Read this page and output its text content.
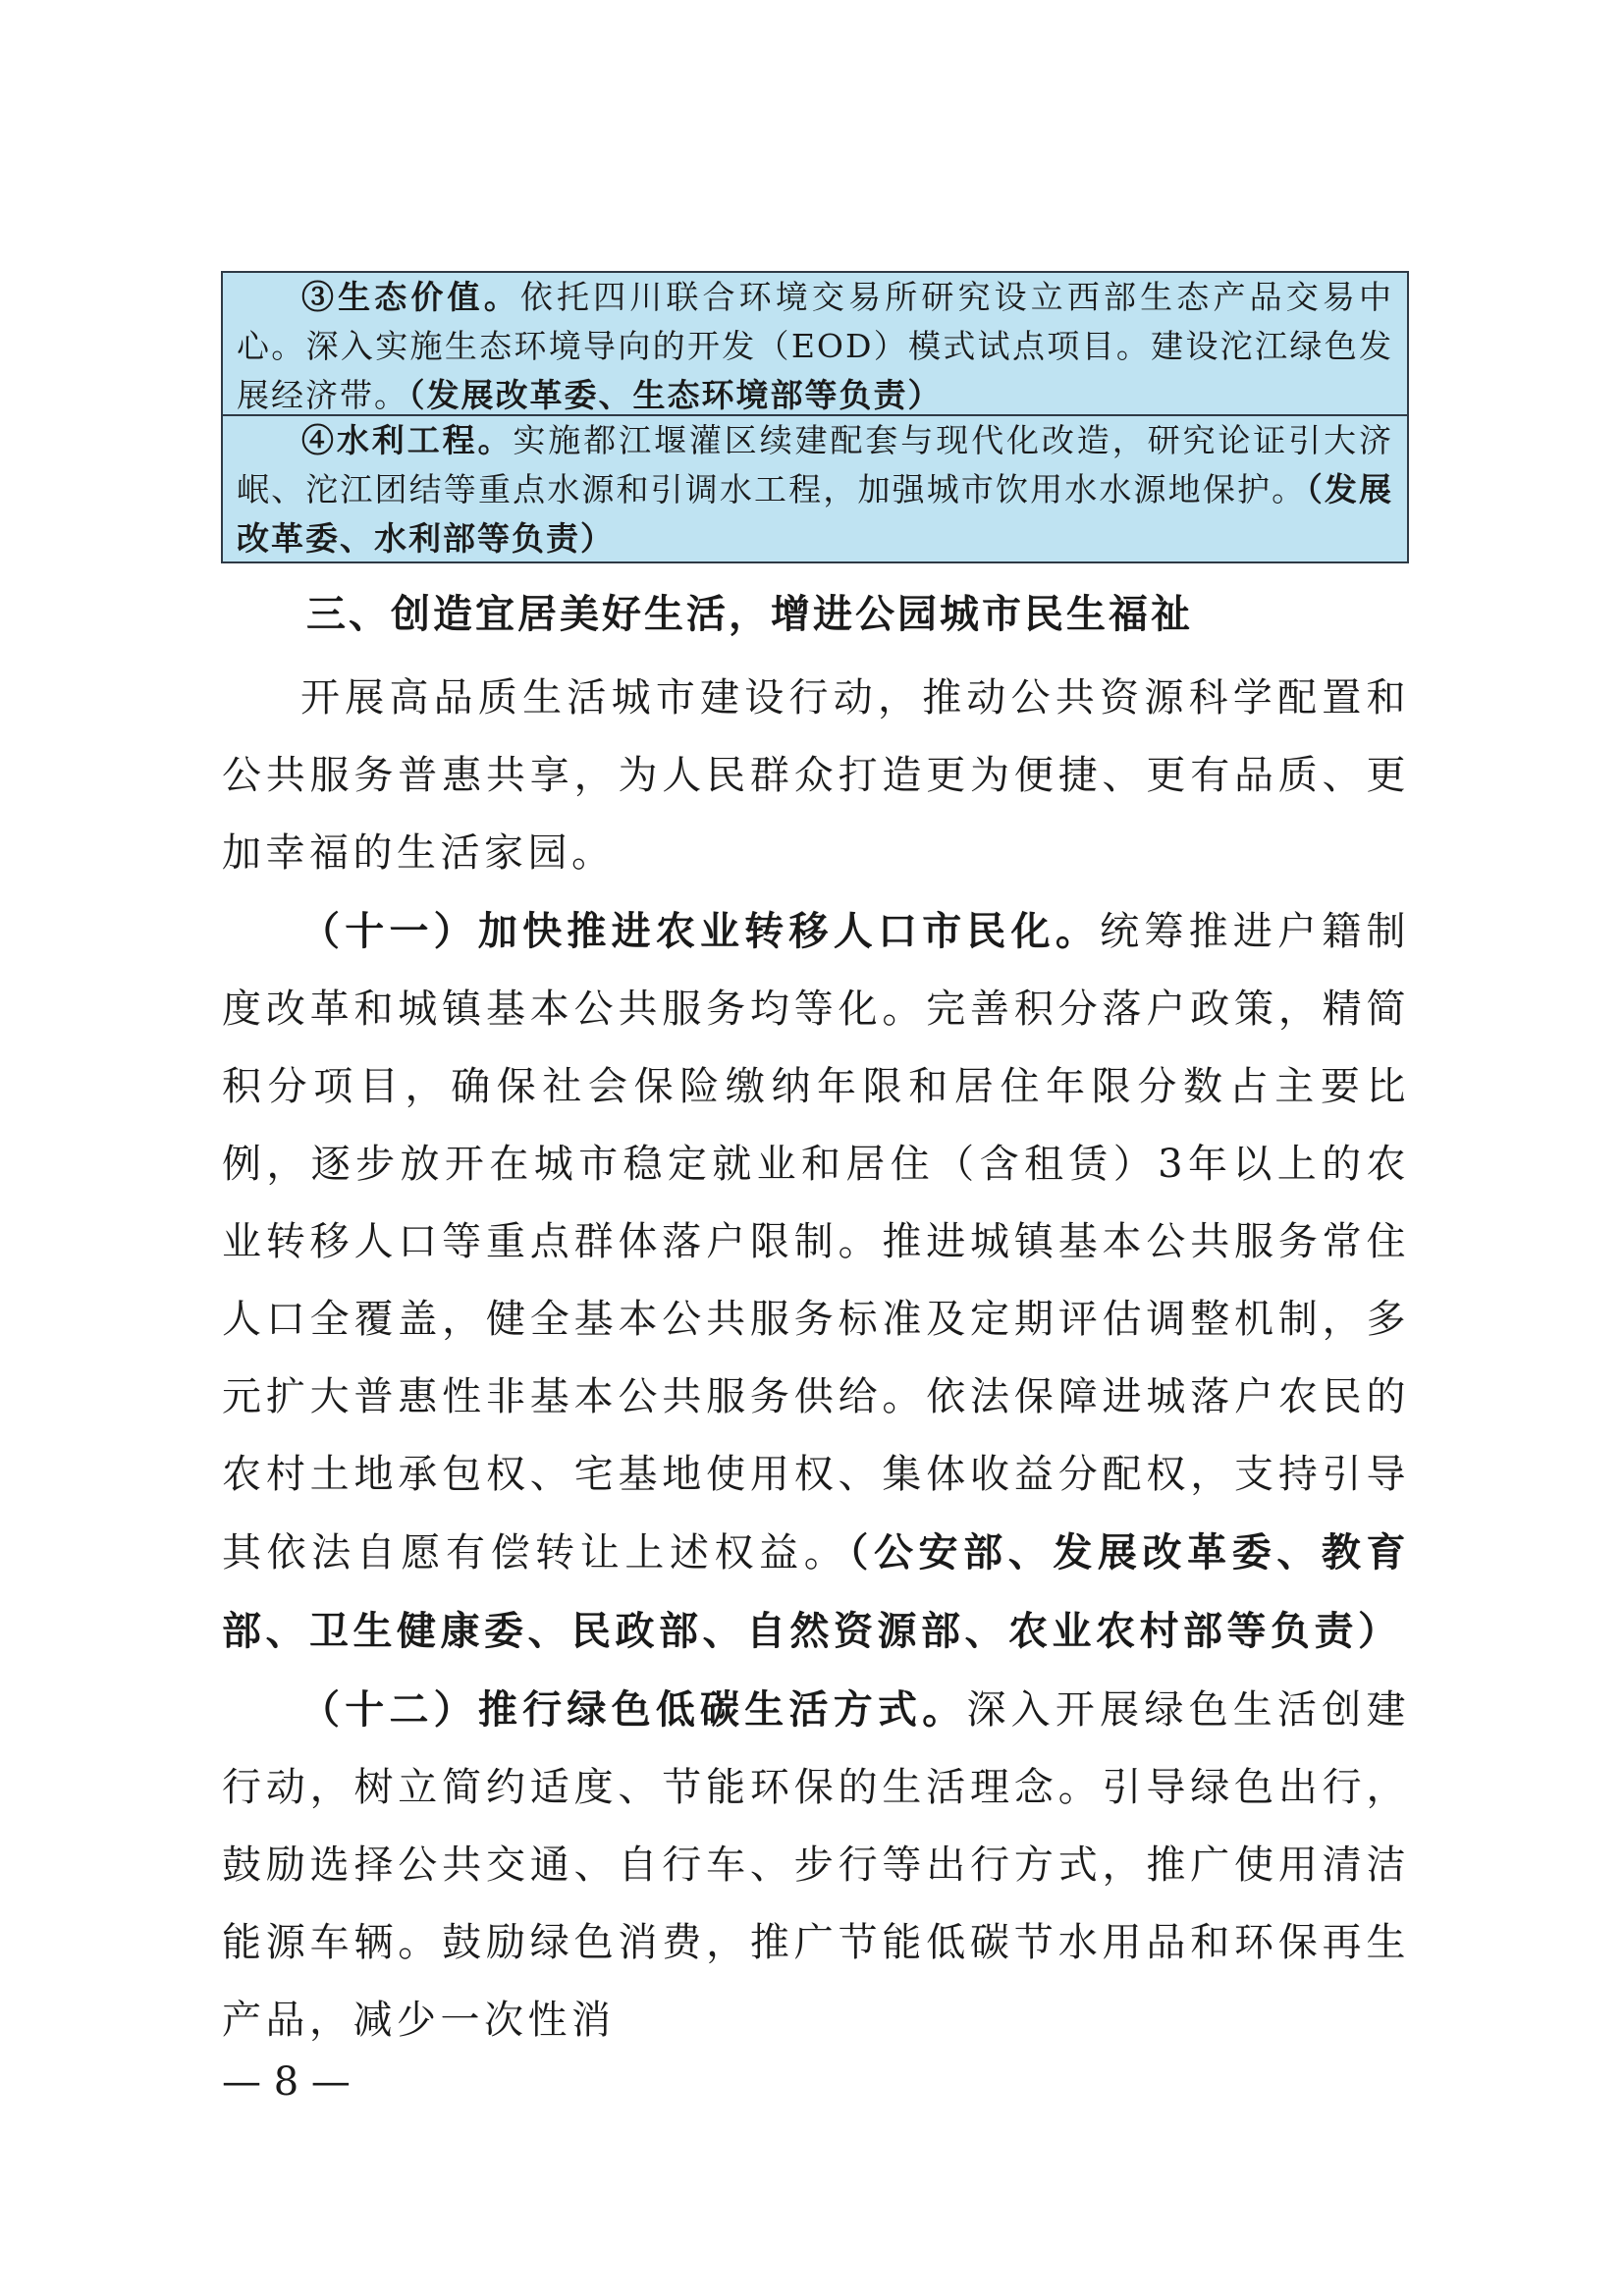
③生态价值。依托四川联合环境交易所研究设立西部生态产品交易中心。深入实施生态环境导向的开发（EOD）模式试点项目。建设沱江绿色发展经济带。（发展改革委、生态环境部等负责）

④水利工程。实施都江堰灌区续建配套与现代化改造，研究论证引大济岷、沱江团结等重点水源和引调水工程，加强城市饮用水水源地保护。（发展改革委、水利部等负责）

三、创造宜居美好生活，增进公园城市民生福祉

开展高品质生活城市建设行动，推动公共资源科学配置和公共服务普惠共享，为人民群众打造更为便捷、更有品质、更加幸福的生活家园。

（十一）加快推进农业转移人口市民化。统筹推进户籍制度改革和城镇基本公共服务均等化。完善积分落户政策，精简积分项目，确保社会保险缴纳年限和居住年限分数占主要比例，逐步放开在城市稳定就业和居住（含租赁）3年以上的农业转移人口等重点群体落户限制。推进城镇基本公共服务常住人口全覆盖，健全基本公共服务标准及定期评估调整机制，多元扩大普惠性非基本公共服务供给。依法保障进城落户农民的农村土地承包权、宅基地使用权、集体收益分配权，支持引导其依法自愿有偿转让上述权益。（公安部、发展改革委、教育部、卫生健康委、民政部、自然资源部、农业农村部等负责）

（十二）推行绿色低碳生活方式。深入开展绿色生活创建行动，树立简约适度、节能环保的生活理念。引导绿色出行，鼓励选择公共交通、自行车、步行等出行方式，推广使用清洁能源车辆。鼓励绿色消费，推广节能低碳节水用品和环保再生产品，减少一次性消

— 8 —
